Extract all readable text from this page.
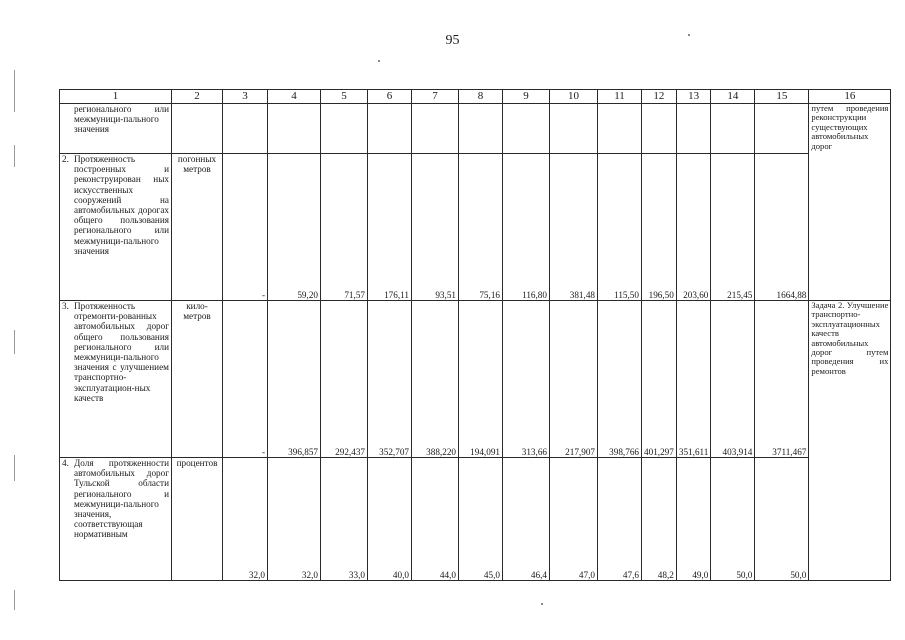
95
1	2	3	4	5	6	7	8	9	10	11	12	13	14	15	16
регионального или межмуници-пального значения															путем проведения реконструкции существующих автомобильных дорог
2. Протяженность построенных и реконструирован ных искусственных сооружений на автомобильных дорогах общего пользования регионального или межмуници-пального значения	погонных метров	-	59,20	71,57	176,11	93,51	75,16	116,80	381,48	115,50	196,50	203,60	215,45	1664,88	
3. Протяженность отремонти-рованных автомобильных дорог общего пользования регионального или межмуници-пального значения с улучшением транспортно-эксплуатацион-ных качеств	кило-метров	-	396,857	292,437	352,707	388,220	194,091	313,66	217,907	398,766	401,297	351,611	403,914	3711,467	Задача 2. Улучшение транспортно-эксплуатационных качеств автомобильных дорог путем проведения их ремонтов
4. Доля протяженности автомобильных дорог Тульской области регионального и межмуници-пального значения, соответствующая нормативным	процентов	32,0	32,0	33,0	40,0	44,0	45,0	46,4	47,0	47,6	48,2	49,0	50,0	50,0	
